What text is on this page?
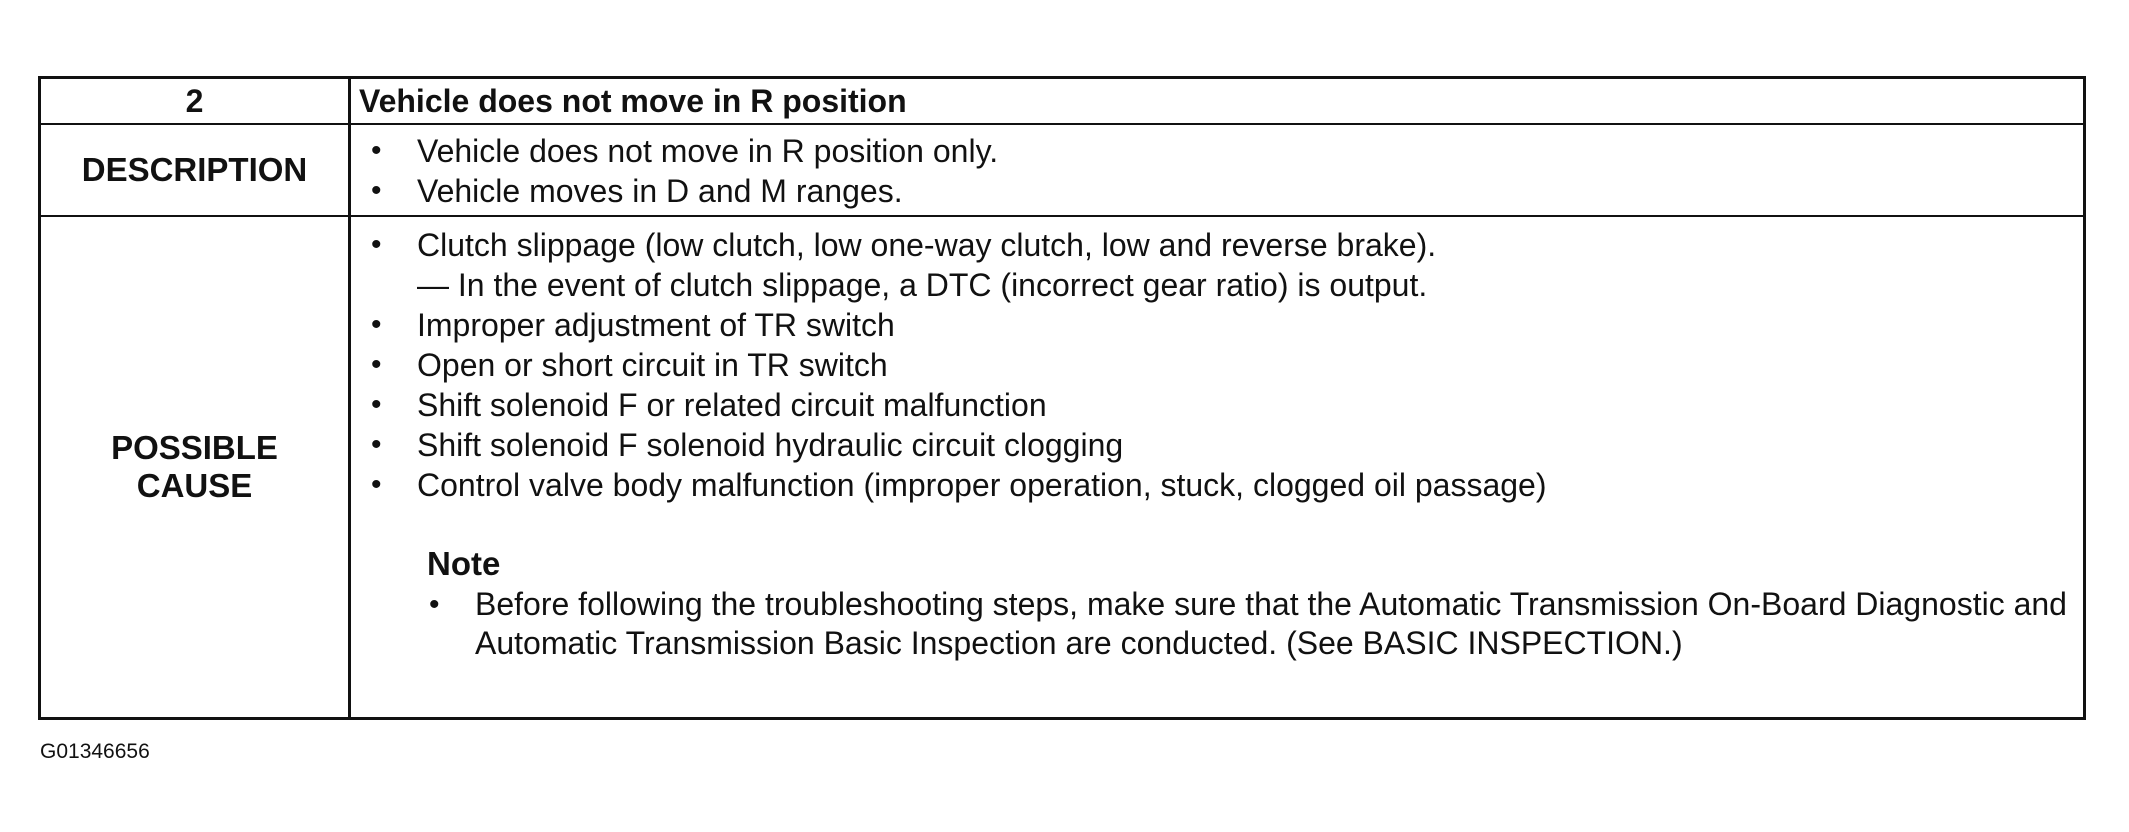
2	Vehicle does not move in R position
DESCRIPTION
• Vehicle does not move in R position only.
• Vehicle moves in D and M ranges.
POSSIBLE
CAUSE
• Clutch slippage (low clutch, low one-way clutch, low and reverse brake).
— In the event of clutch slippage, a DTC (incorrect gear ratio) is output.
• Improper adjustment of TR switch
• Open or short circuit in TR switch
• Shift solenoid F or related circuit malfunction
• Shift solenoid F solenoid hydraulic circuit clogging
• Control valve body malfunction (improper operation, stuck, clogged oil passage)
Note
• Before following the troubleshooting steps, make sure that the Automatic Transmission On-Board Diagnostic and Automatic Transmission Basic Inspection are conducted. (See BASIC INSPECTION.)
G01346656
